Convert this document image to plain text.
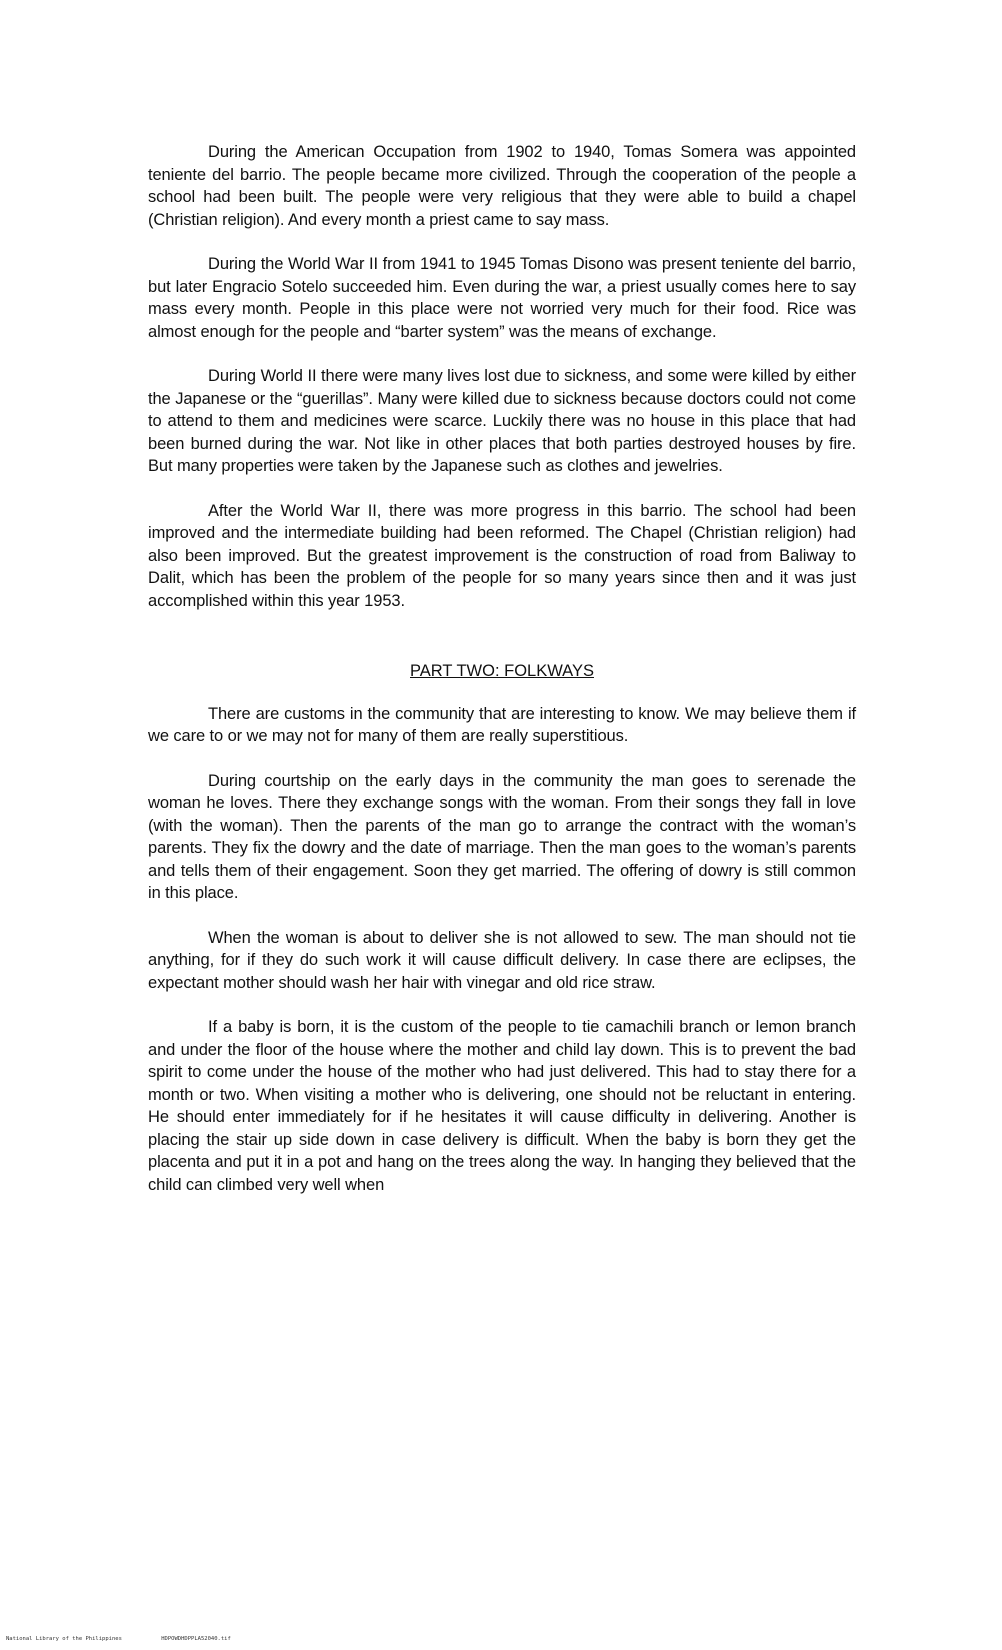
During the American Occupation from 1902 to 1940, Tomas Somera was appointed teniente del barrio. The people became more civilized. Through the cooperation of the people a school had been built. The people were very religious that they were able to build a chapel (Christian religion). And every month a priest came to say mass.

During the World War II from 1941 to 1945 Tomas Disono was present teniente del barrio, but later Engracio Sotelo succeeded him. Even during the war, a priest usually comes here to say mass every month. People in this place were not worried very much for their food. Rice was almost enough for the people and “barter system” was the means of exchange.

During World II there were many lives lost due to sickness, and some were killed by either the Japanese or the “guerillas”. Many were killed due to sickness because doctors could not come to attend to them and medicines were scarce. Luckily there was no house in this place that had been burned during the war. Not like in other places that both parties destroyed houses by fire. But many properties were taken by the Japanese such as clothes and jewelries.

After the World War II, there was more progress in this barrio. The school had been improved and the intermediate building had been reformed. The Chapel (Christian religion) had also been improved. But the greatest improvement is the construction of road from Baliway to Dalit, which has been the problem of the people for so many years since then and it was just accomplished within this year 1953.

PART TWO: FOLKWAYS

There are customs in the community that are interesting to know. We may believe them if we care to or we may not for many of them are really superstitious.

During courtship on the early days in the community the man goes to serenade the woman he loves. There they exchange songs with the woman. From their songs they fall in love (with the woman). Then the parents of the man go to arrange the contract with the woman’s parents. They fix the dowry and the date of marriage. Then the man goes to the woman’s parents and tells them of their engagement. Soon they get married. The offering of dowry is still common in this place.

When the woman is about to deliver she is not allowed to sew. The man should not tie anything, for if they do such work it will cause difficult delivery. In case there are eclipses, the expectant mother should wash her hair with vinegar and old rice straw.

If a baby is born, it is the custom of the people to tie camachili branch or lemon branch and under the floor of the house where the mother and child lay down. This is to prevent the bad spirit to come under the house of the mother who had just delivered. This had to stay there for a month or two. When visiting a mother who is delivering, one should not be reluctant in entering. He should enter immediately for if he hesitates it will cause difficulty in delivering. Another is placing the stair up side down in case delivery is difficult. When the baby is born they get the placenta and put it in a pot and hang on the trees along the way. In hanging they believed that the child can climbed very well when

National Library of the Philippines	HDPOWDHDPPLA52040.tif
